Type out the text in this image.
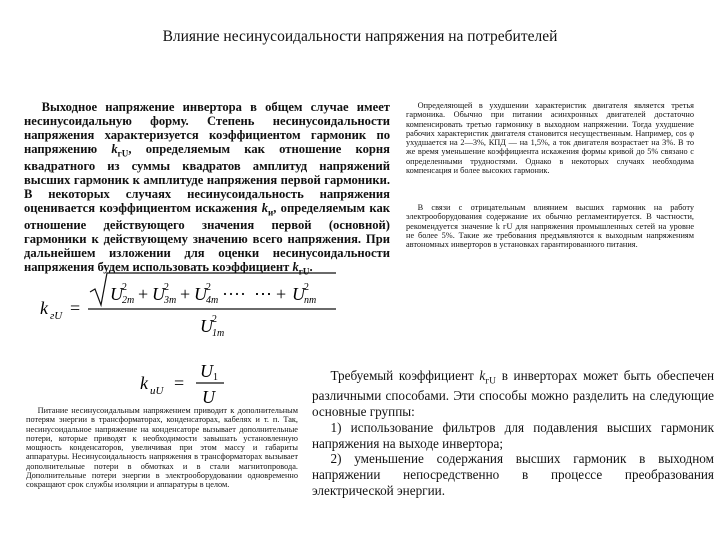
Влияние несинусоидальности напряжения на потребителей
Выходное напряжение инвертора в общем случае имеет несинусоидальную форму. Степень несинусоидальности напряжения характеризуется коэффициентом гармоник по напряжению $k_{гU}$, определяемым как отношение корня квадратного из суммы квадратов амплитуд напряжений высших гармоник к амплитуде напряжения первой гармоники. В некоторых случаях несинусоидальность напряжения оценивается коэффициентом искажения $k_и$, определяемым как отношение действующего значения первой (основной) гармоники к действующему значению всего напряжения. При дальнейшем изложении для оценки несинусоидальности напряжения будем использовать коэффициент $k_{гU}$.
Определяющей в ухудшении характеристик двигателя является третья гармоника. Обычно при питании асинхронных двигателей достаточно компенсировать третью гармонику в выходном напряжении. Тогда ухудшение рабочих характеристик двигателя становится несущественным. Например, cos φ ухудшается на 2—3%, КПД — на 1,5%, а ток двигателя возрастает на 3%. В то же время уменьшение коэффициента искажения формы кривой до 5% связано с определенными трудностями. Однако в некоторых случаях необходима компенсация и более высоких гармоник.
В связи с отрицательным влиянием высших гармоник на работу электрооборудования содержание их обычно регламентируется. В частности, рекомендуется значение k гU для напряжения промышленных сетей на уровне не более 5%. Такие же требования предъявляются к выходным напряжениям автономных инверторов в установках гарантированного питания.
k гU =
U 2
2m + U 2
3m + U 2
4m ···· ⋯ + U 2
nm
U 2
1m
k иU =
U 1
U
Питание несинусоидальным напряжением приводит к дополнительным потерям энергии в трансформаторах, конденсаторах, кабелях и т. п. Так, несинусоидальное напряжение на конденсаторе вызывает дополнительные потери, которые приводят к необходимости завышать установленную мощность конденсаторов, увеличивая при этом массу и габариты аппаратуры. Несинусоидальность напряжения в трансформаторах вызывает дополнительные потери в обмотках и в стали магнитопровода. Дополнительные потери энергии в электрооборудовании одновременно сокращают срок службы изоляции и аппаратуры в целом.
Требуемый коэффициент $k_{гU}$ в инверторах может быть обеспечен различными способами. Эти способы можно разделить на следующие основные группы:
1) использование фильтров для подавления высших гармоник напряжения на выходе инвертора;
2) уменьшение содержания высших гармоник в выходном напряжении непосредственно в процессе преобразования электрической энергии.
